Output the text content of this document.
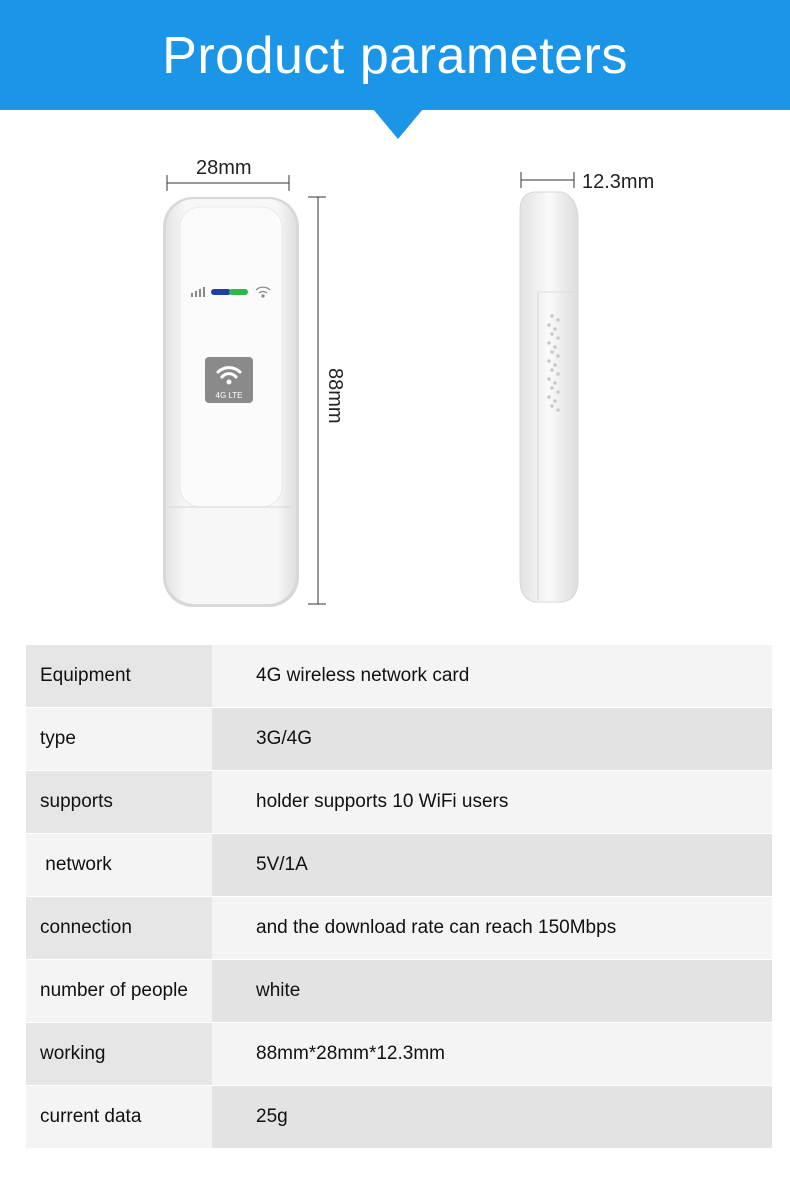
Product parameters
28mm
88mm
12.3mm
4G LTE
Equipment	4G wireless network card
type	3G/4G
supports	holder supports 10 WiFi users
network	5V/1A
connection	and the download rate can reach 150Mbps
number of people	white
working	88mm*28mm*12.3mm
current data	25g
